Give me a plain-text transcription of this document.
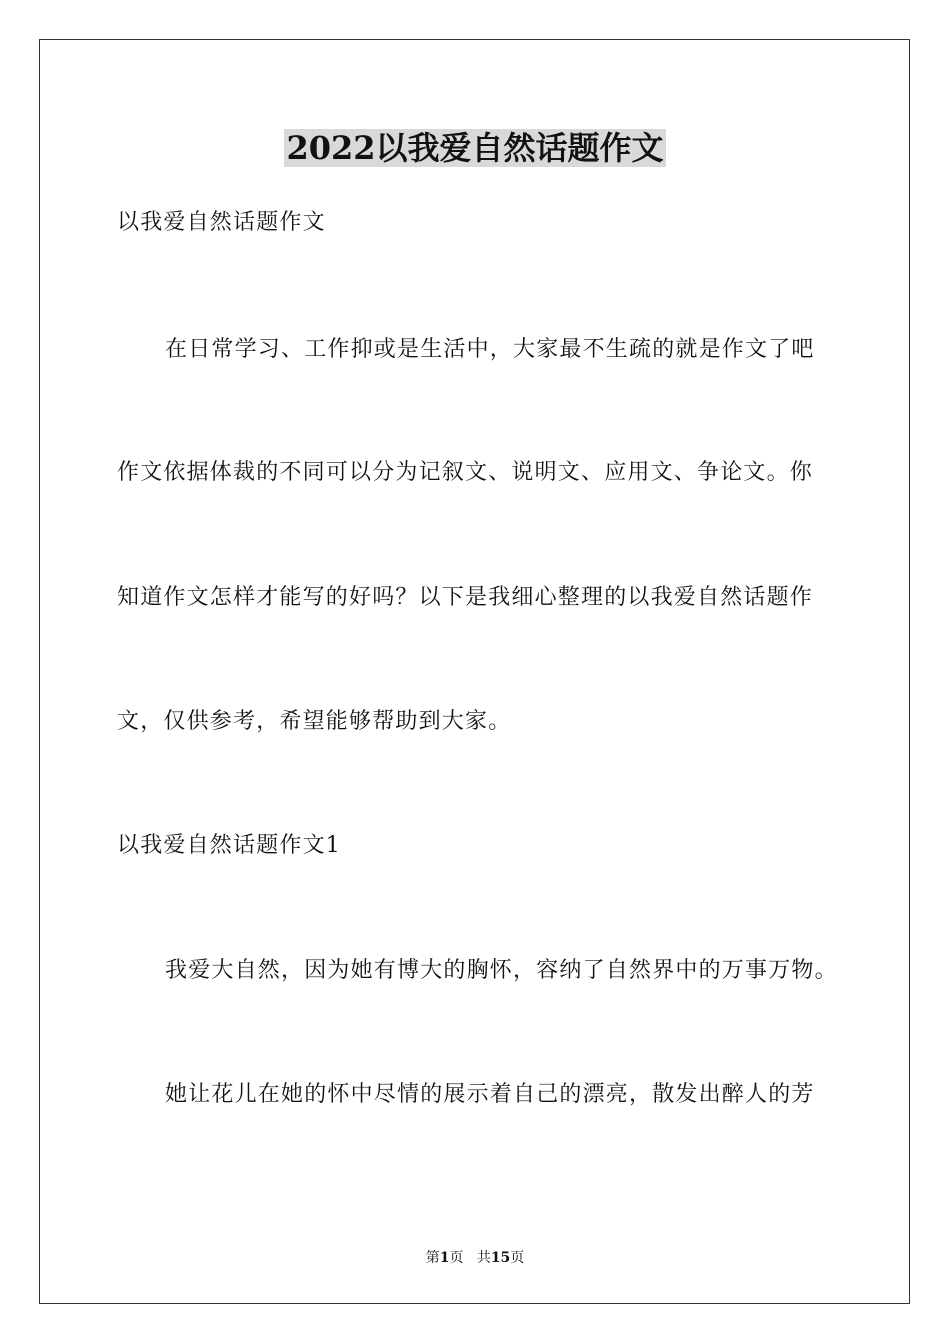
2022以我爱自然话题作文
以我爱自然话题作文
在日常学习、工作抑或是生活中，大家最不生疏的就是作文了吧
作文依据体裁的不同可以分为记叙文、说明文、应用文、争论文。你
知道作文怎样才能写的好吗？以下是我细心整理的以我爱自然话题作
文，仅供参考，希望能够帮助到大家。
以我爱自然话题作文1
我爱大自然，因为她有博大的胸怀，容纳了自然界中的万事万物。
她让花儿在她的怀中尽情的展示着自己的漂亮，散发出醉人的芳
第1页 共15页
